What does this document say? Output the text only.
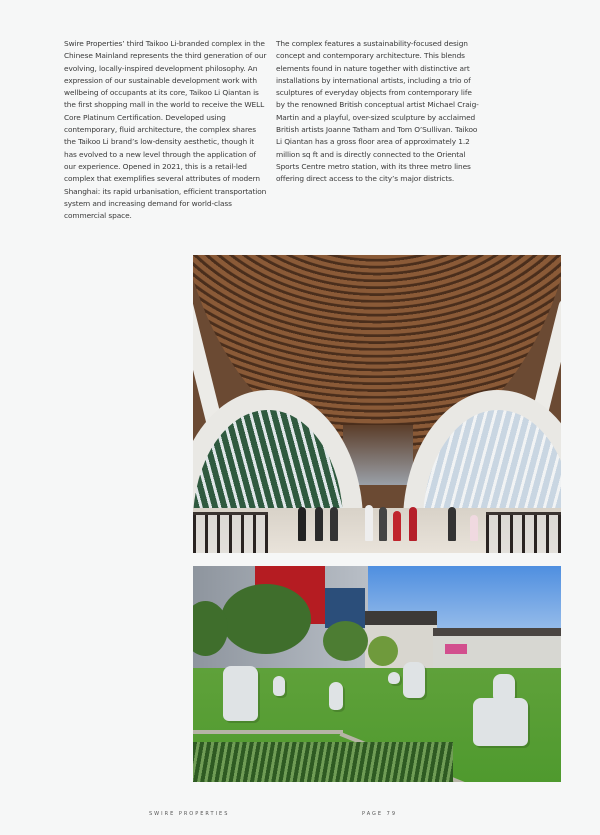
Swire Properties’ third Taikoo Li-branded complex in the Chinese Mainland represents the third generation of our evolving, locally-inspired development philosophy. An expression of our sustainable development work with wellbeing of occupants at its core, Taikoo Li Qiantan is the first shopping mall in the world to receive the WELL Core Platinum Certification. Developed using contemporary, fluid architecture, the complex shares the Taikoo Li brand’s low-density aesthetic, though it has evolved to a new level through the application of our experience. Opened in 2021, this is a retail-led complex that exemplifies several attributes of modern Shanghai: its rapid urbanisation, efficient transportation system and increasing demand for world-class commercial space.

The complex features a sustainability-focused design concept and contemporary architecture. This blends elements found in nature together with distinctive art installations by international artists, including a trio of sculptures of everyday objects from contemporary life by the renowned British conceptual artist Michael Craig-Martin and a playful, over-sized sculpture by acclaimed British artists Joanne Tatham and Tom O’Sullivan. Taikoo Li Qiantan has a gross floor area of approximately 1.2 million sq ft and is directly connected to the Oriental Sports Centre metro station, with its three metro lines offering direct access to the city’s major districts.

SWIRE PROPERTIES	PAGE 79
